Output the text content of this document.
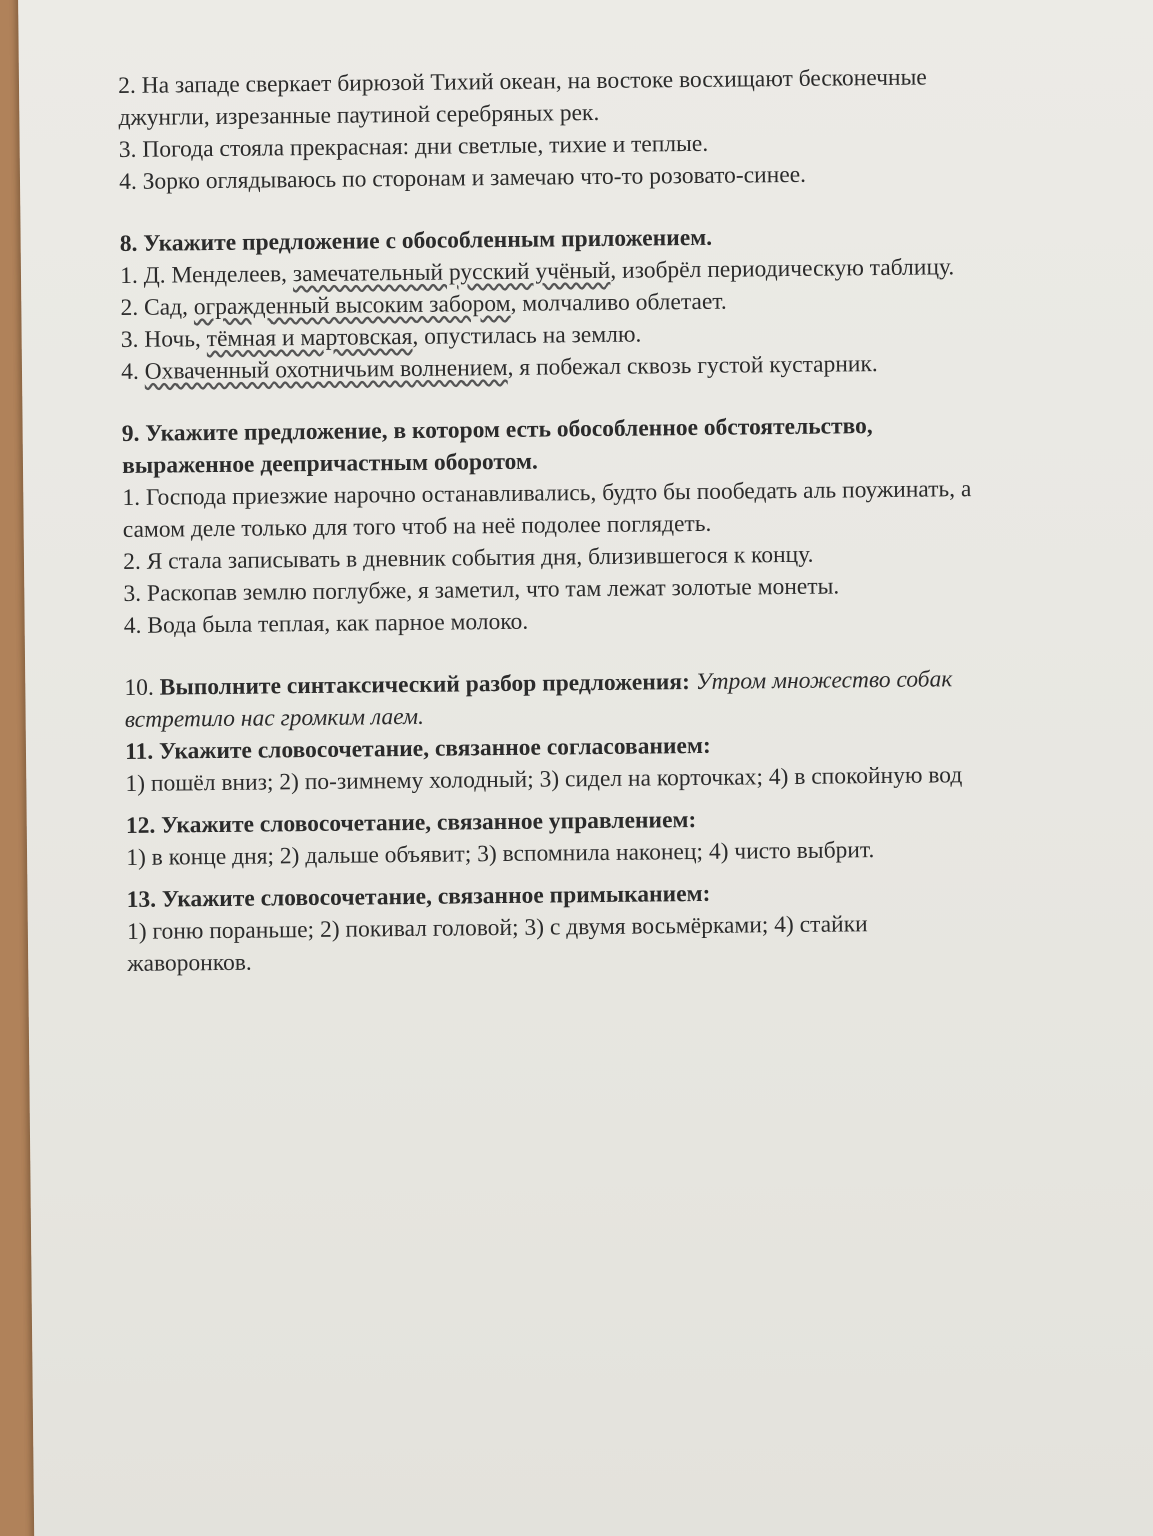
2. На западе сверкает бирюзой Тихий океан, на востоке восхищают бесконечные
джунгли, изрезанные паутиной серебряных рек.
3. Погода стояла прекрасная: дни светлые, тихие и теплые.
4. Зорко оглядываюсь по сторонам и замечаю что-то розовато-синее.
8. Укажите предложение с обособленным приложением.
1. Д. Менделеев, замечательный русский учёный, изобрёл периодическую таблицу.
2. Сад, огражденный высоким забором, молчаливо облетает.
3. Ночь, тёмная и мартовская, опустилась на землю.
4. Охваченный охотничьим волнением, я побежал сквозь густой кустарник.
9. Укажите предложение, в котором есть обособленное обстоятельство,
выраженное деепричастным оборотом.
1. Господа приезжие нарочно останавливались, будто бы пообедать аль поужинать, а
самом деле только для того чтоб на неё подолее поглядеть.
2. Я стала записывать в дневник события дня, близившегося к концу.
3. Раскопав землю поглубже, я заметил, что там лежат золотые монеты.
4. Вода была теплая, как парное молоко.
10. Выполните синтаксический разбор предложения: Утром множество собак
встретило нас громким лаем.
11. Укажите словосочетание, связанное согласованием:
1) пошёл вниз; 2) по-зимнему холодный; 3) сидел на корточках; 4) в спокойную вод
12. Укажите словосочетание, связанное управлением:
1) в конце дня; 2) дальше объявит; 3) вспомнила наконец; 4) чисто выбрит.
13. Укажите словосочетание, связанное примыканием:
1) гоню пораньше; 2) покивал головой; 3) с двумя восьмёрками; 4) стайки
жаворонков.
